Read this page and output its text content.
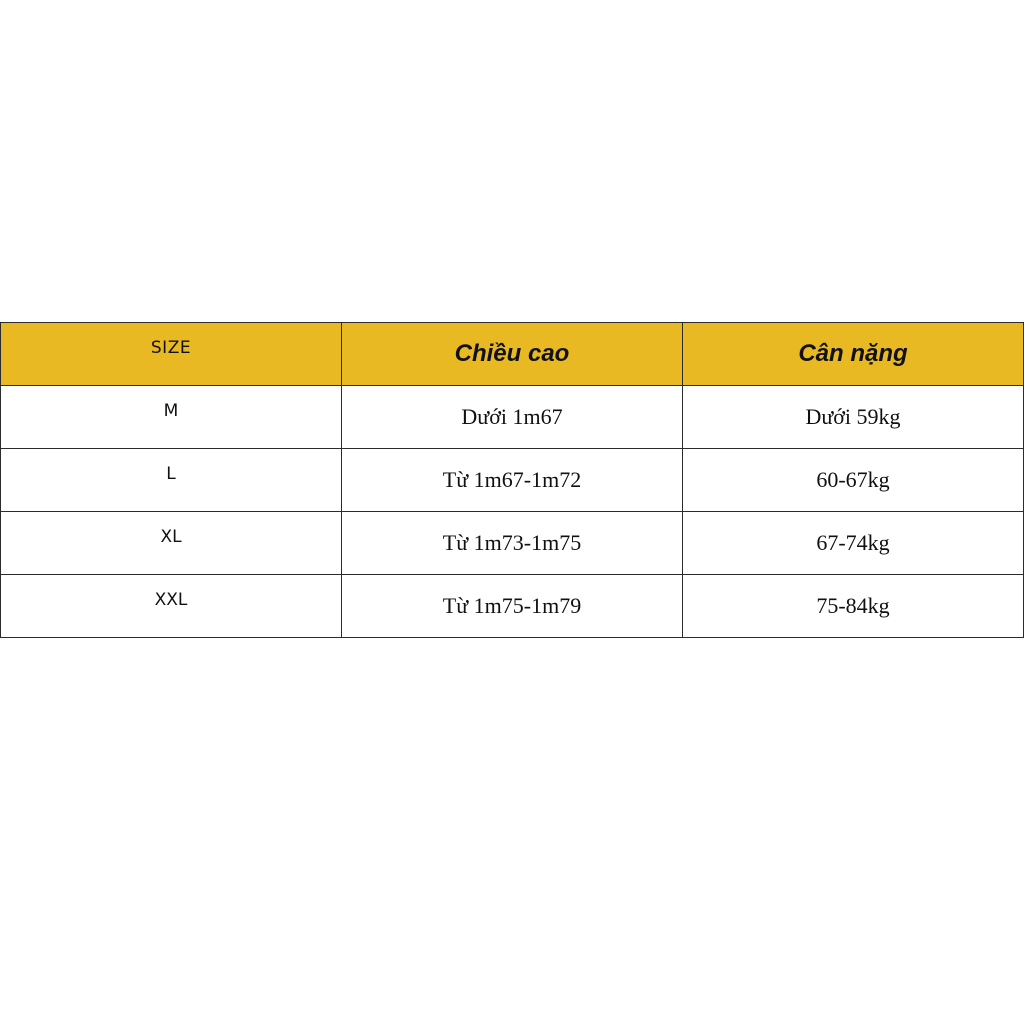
SIZE	Chiều cao	Cân nặng
M	Dưới 1m67	Dưới 59kg
L	Từ 1m67-1m72	60-67kg
XL	Từ 1m73-1m75	67-74kg
XXL	Từ 1m75-1m79	75-84kg
